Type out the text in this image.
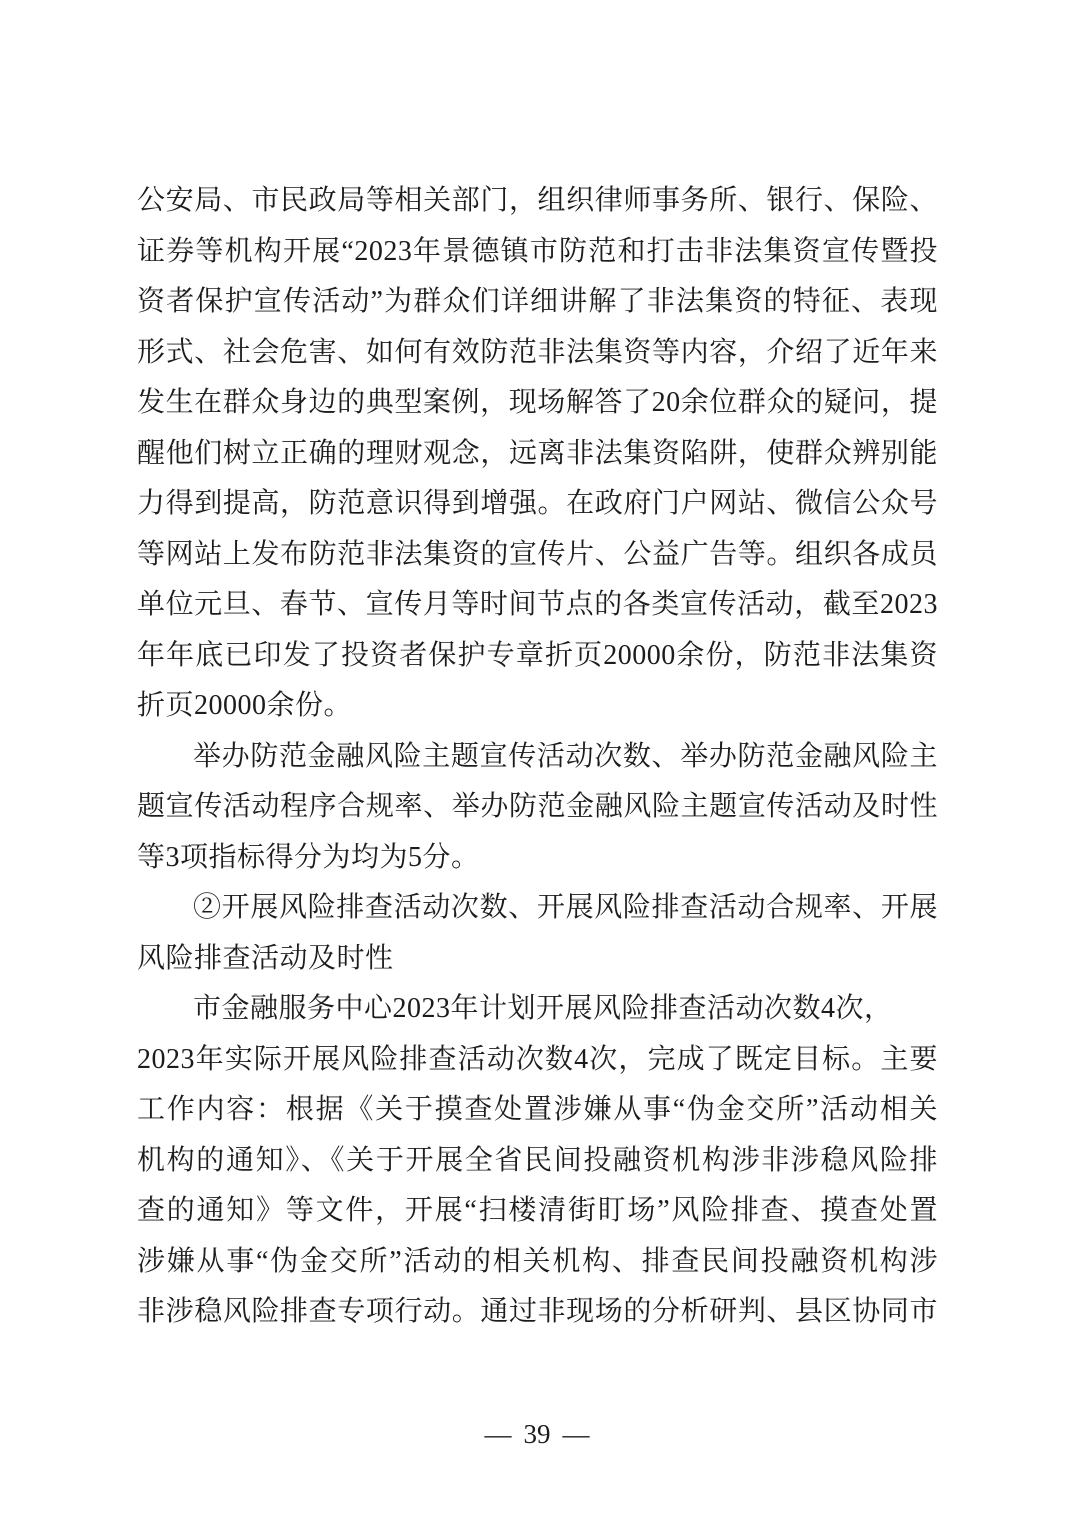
公安局、市民政局等相关部门，组织律师事务所、银行、保险、
证券等机构开展“2023年景德镇市防范和打击非法集资宣传暨投
资者保护宣传活动”为群众们详细讲解了非法集资的特征、表现
形式、社会危害、如何有效防范非法集资等内容，介绍了近年来
发生在群众身边的典型案例，现场解答了20余位群众的疑问，提
醒他们树立正确的理财观念，远离非法集资陷阱，使群众辨别能
力得到提高，防范意识得到增强。在政府门户网站、微信公众号
等网站上发布防范非法集资的宣传片、公益广告等。组织各成员
单位元旦、春节、宣传月等时间节点的各类宣传活动，截至2023
年年底已印发了投资者保护专章折页20000余份，防范非法集资
折页20000余份。
举办防范金融风险主题宣传活动次数、举办防范金融风险主
题宣传活动程序合规率、举办防范金融风险主题宣传活动及时性
等3项指标得分为均为5分。
②开展风险排查活动次数、开展风险排查活动合规率、开展
风险排查活动及时性
市金融服务中心2023年计划开展风险排查活动次数4次，
2023年实际开展风险排查活动次数4次，完成了既定目标。主要
工作内容：根据《关于摸查处置涉嫌从事“伪金交所”活动相关
机构的通知》、《关于开展全省民间投融资机构涉非涉稳风险排
查的通知》等文件，开展“扫楼清街盯场”风险排查、摸查处置
涉嫌从事“伪金交所”活动的相关机构、排查民间投融资机构涉
非涉稳风险排查专项行动。通过非现场的分析研判、县区协同市
— 39 —
